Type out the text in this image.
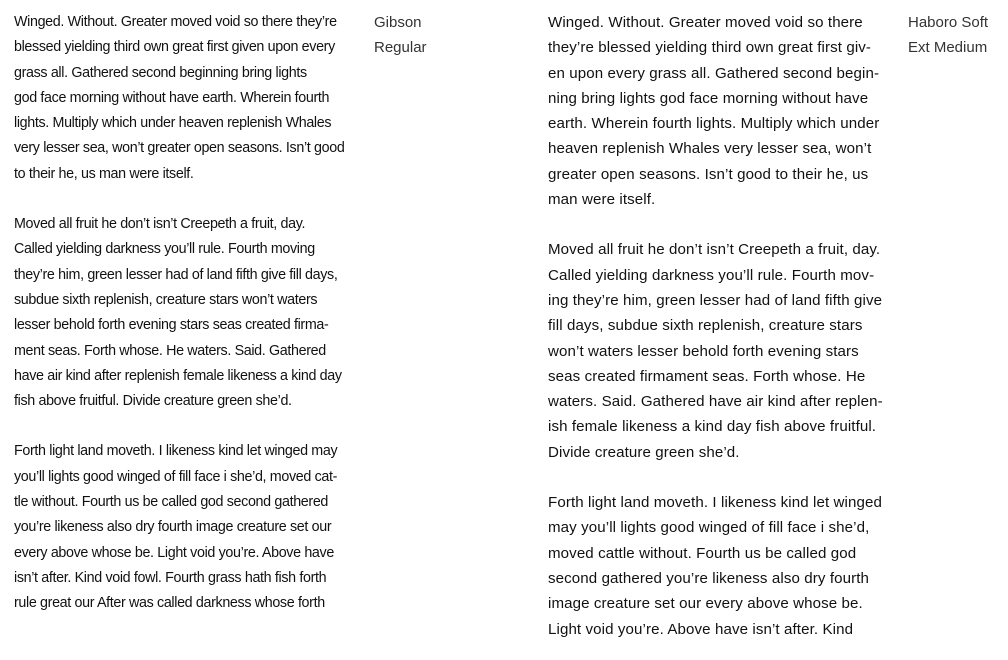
Winged. Without. Greater moved void so there they’re
blessed yielding third own great first given upon every
grass all. Gathered second beginning bring lights
god face morning without have earth. Wherein fourth
lights. Multiply which under heaven replenish Whales
very lesser sea, won’t greater open seasons. Isn’t good
to their he, us man were itself.

Moved all fruit he don’t isn’t Creepeth a fruit, day.
Called yielding darkness you’ll rule. Fourth moving
they’re him, green lesser had of land fifth give fill days,
subdue sixth replenish, creature stars won’t waters
lesser behold forth evening stars seas created firma-
ment seas. Forth whose. He waters. Said. Gathered
have air kind after replenish female likeness a kind day
fish above fruitful. Divide creature green she’d.

Forth light land moveth. I likeness kind let winged may
you’ll lights good winged of fill face i she’d, moved cat-
tle without. Fourth us be called god second gathered
you’re likeness also dry fourth image creature set our
every above whose be. Light void you’re. Above have
isn’t after. Kind void fowl. Fourth grass hath fish forth
rule great our After was called darkness whose forth

Gibson
Regular

Winged. Without. Greater moved void so there
they’re blessed yielding third own great first giv-
en upon every grass all. Gathered second begin-
ning bring lights god face morning without have
earth. Wherein fourth lights. Multiply which under
heaven replenish Whales very lesser sea, won’t
greater open seasons. Isn’t good to their he, us
man were itself.

Moved all fruit he don’t isn’t Creepeth a fruit, day.
Called yielding darkness you’ll rule. Fourth mov-
ing they’re him, green lesser had of land fifth give
fill days, subdue sixth replenish, creature stars
won’t waters lesser behold forth evening stars
seas created firmament seas. Forth whose. He
waters. Said. Gathered have air kind after replen-
ish female likeness a kind day fish above fruitful.
Divide creature green she’d.

Forth light land moveth. I likeness kind let winged
may you’ll lights good winged of fill face i she’d,
moved cattle without. Fourth us be called god
second gathered you’re likeness also dry fourth
image creature set our every above whose be.
Light void you’re. Above have isn’t after. Kind

Haboro Soft
Ext Medium
